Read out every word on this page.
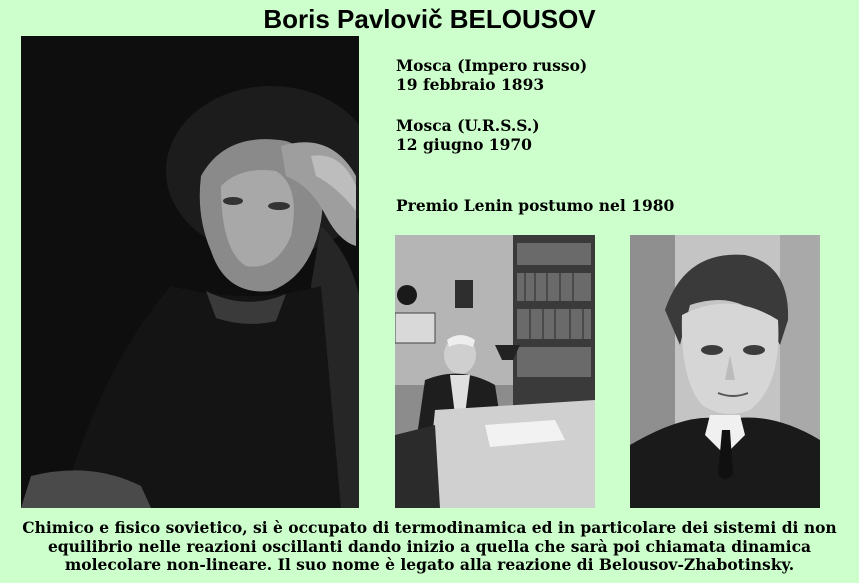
Boris Pavlovič BELOUSOV

Mosca (Impero russo)

19 febbraio 1893

Mosca (U.R.S.S.)

12 giugno 1970

Premio Lenin postumo nel 1980

Chimico e fisico sovietico, si è occupato di termodinamica ed in particolare dei sistemi di non equilibrio nelle reazioni oscillanti dando inizio a quella che sarà poi chiamata dinamica molecolare non-lineare. Il suo nome è legato alla reazione di Belousov-Zhabotinsky.
